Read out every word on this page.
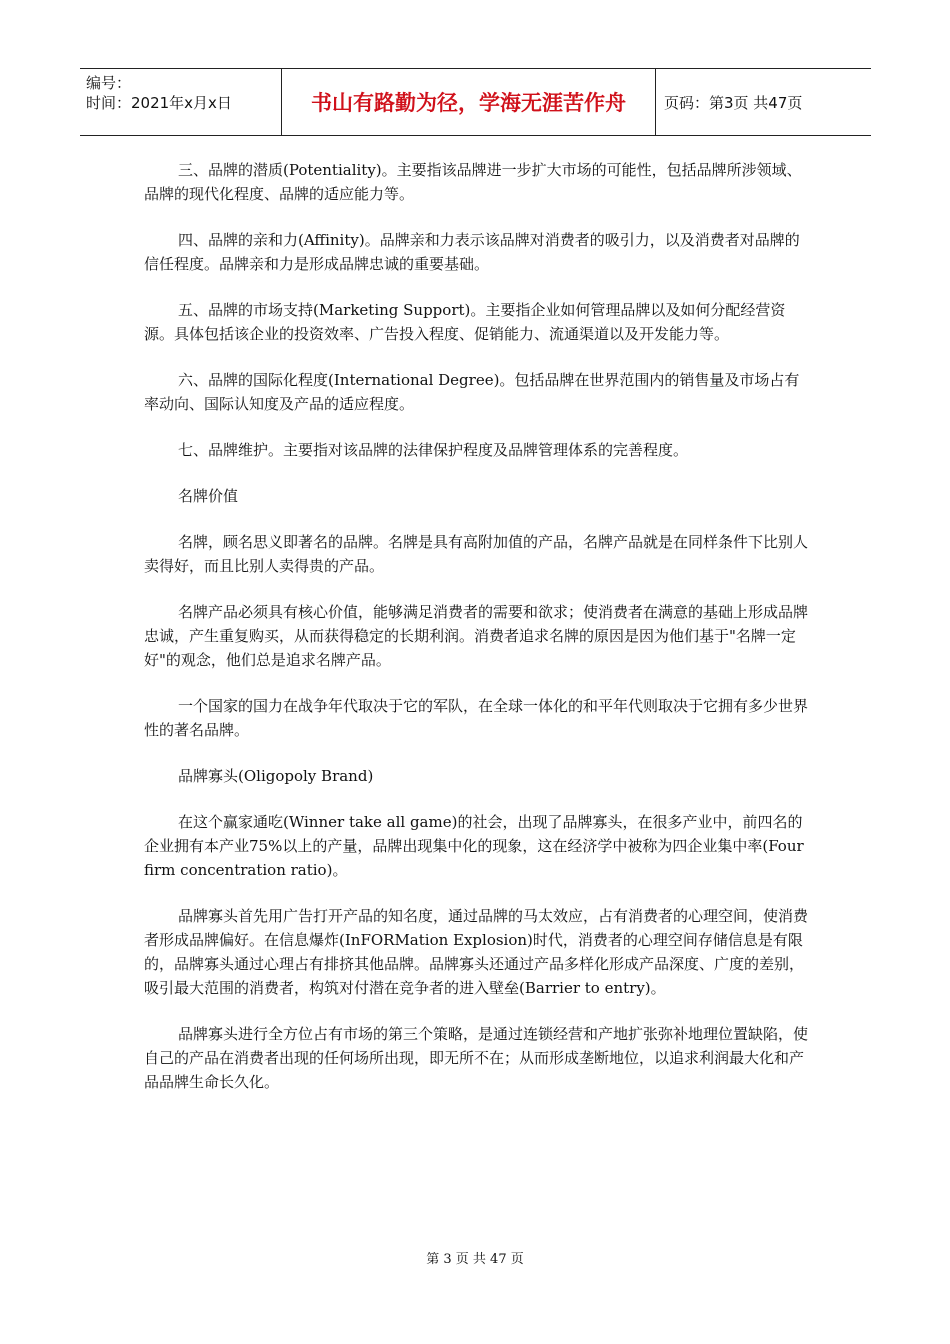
编号：
时间：2021年x月x日	书山有路勤为径，学海无涯苦作舟	页码：第3页 共47页

三、品牌的潜质(Potentiality)。主要指该品牌进一步扩大市场的可能性，包括品牌所涉领域、品牌的现代化程度、品牌的适应能力等。

四、品牌的亲和力(Affinity)。品牌亲和力表示该品牌对消费者的吸引力，以及消费者对品牌的信任程度。品牌亲和力是形成品牌忠诚的重要基础。

五、品牌的市场支持(Marketing Support)。主要指企业如何管理品牌以及如何分配经营资源。具体包括该企业的投资效率、广告投入程度、促销能力、流通渠道以及开发能力等。

六、品牌的国际化程度(International Degree)。包括品牌在世界范围内的销售量及市场占有率动向、国际认知度及产品的适应程度。

七、品牌维护。主要指对该品牌的法律保护程度及品牌管理体系的完善程度。

名牌价值

名牌，顾名思义即著名的品牌。名牌是具有高附加值的产品，名牌产品就是在同样条件下比别人卖得好，而且比别人卖得贵的产品。

名牌产品必须具有核心价值，能够满足消费者的需要和欲求；使消费者在满意的基础上形成品牌忠诚，产生重复购买，从而获得稳定的长期利润。消费者追求名牌的原因是因为他们基于"名牌一定好"的观念，他们总是追求名牌产品。

一个国家的国力在战争年代取决于它的军队，在全球一体化的和平年代则取决于它拥有多少世界性的著名品牌。

品牌寡头(Oligopoly Brand)

在这个赢家通吃(Winner take all game)的社会，出现了品牌寡头，在很多产业中，前四名的企业拥有本产业75%以上的产量，品牌出现集中化的现象，这在经济学中被称为四企业集中率(Four firm concentration ratio)。

品牌寡头首先用广告打开产品的知名度，通过品牌的马太效应，占有消费者的心理空间，使消费者形成品牌偏好。在信息爆炸(InFORMation Explosion)时代，消费者的心理空间存储信息是有限的，品牌寡头通过心理占有排挤其他品牌。品牌寡头还通过产品多样化形成产品深度、广度的差别，吸引最大范围的消费者，构筑对付潜在竞争者的进入壁垒(Barrier to entry)。

品牌寡头进行全方位占有市场的第三个策略，是通过连锁经营和产地扩张弥补地理位置缺陷，使自己的产品在消费者出现的任何场所出现，即无所不在；从而形成垄断地位，以追求利润最大化和产品品牌生命长久化。

第 3 页 共 47 页
